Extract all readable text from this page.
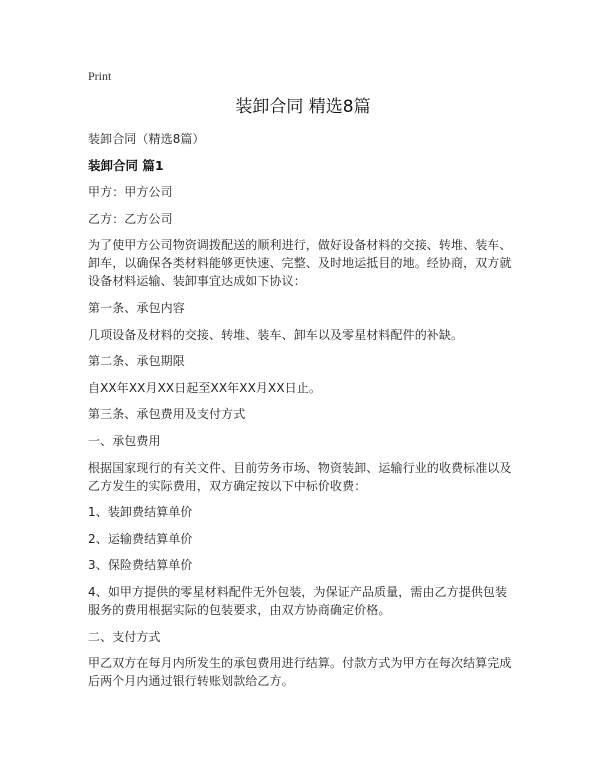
Print
装卸合同 精选8篇

装卸合同（精选8篇）

装卸合同 篇1

甲方：甲方公司

乙方：乙方公司

为了使甲方公司物资调拨配送的顺利进行，做好设备材料的交接、转堆、装车、卸车，以确保各类材料能够更快速、完整、及时地运抵目的地。经协商，双方就设备材料运输、装卸事宜达成如下协议：

第一条、承包内容

几项设备及材料的交接、转堆、装车、卸车以及零星材料配件的补缺。

第二条、承包期限

自XX年XX月XX日起至XX年XX月XX日止。

第三条、承包费用及支付方式

一、承包费用

根据国家现行的有关文件、目前劳务市场、物资装卸、运输行业的收费标准以及乙方发生的实际费用，双方确定按以下中标价收费：

1、装卸费结算单价

2、运输费结算单价

3、保险费结算单价

4、如甲方提供的零星材料配件无外包装，为保证产品质量，需由乙方提供包装服务的费用根据实际的包装要求，由双方协商确定价格。

二、支付方式

甲乙双方在每月内所发生的承包费用进行结算。付款方式为甲方在每次结算完成后两个月内通过银行转账划款给乙方。
